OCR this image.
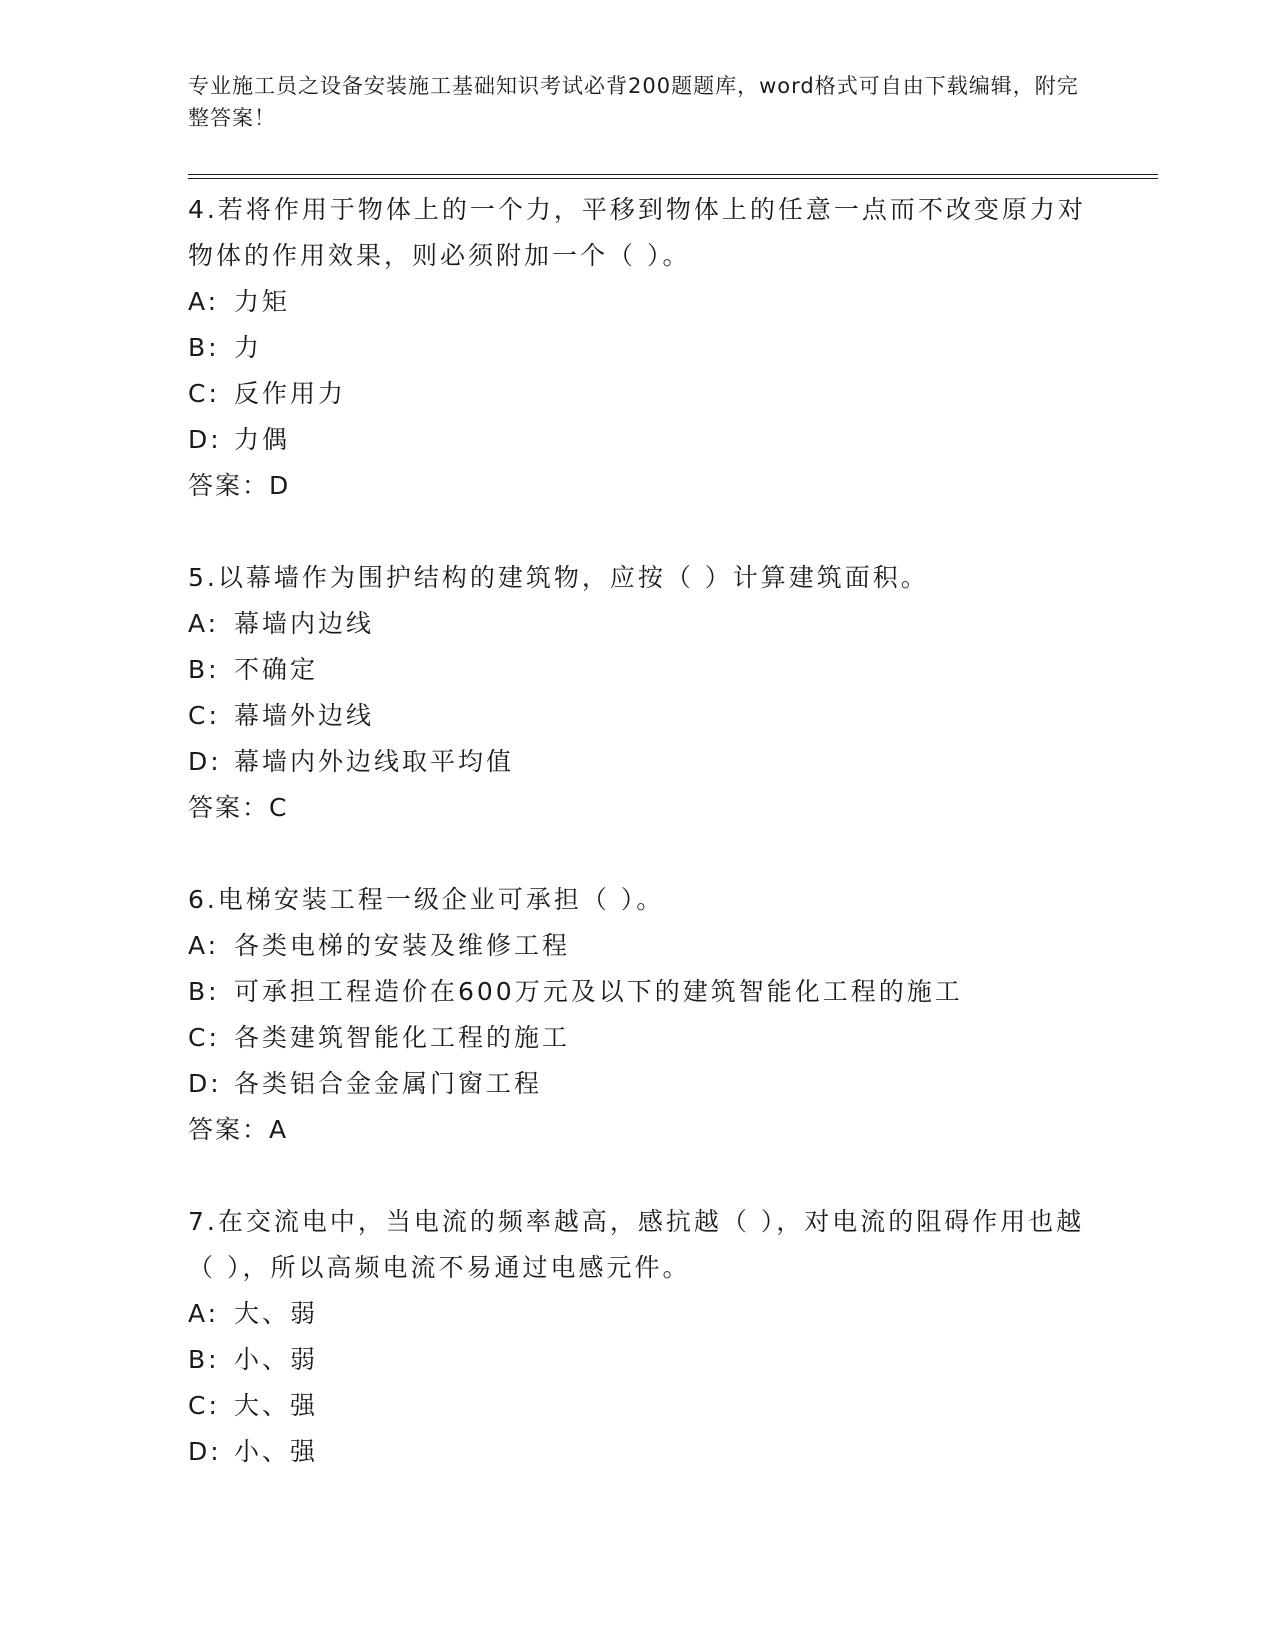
专业施工员之设备安装施工基础知识考试必背200题题库，word格式可自由下载编辑，附完整答案！
4.若将作用于物体上的一个力，平移到物体上的任意一点而不改变原力对物体的作用效果，则必须附加一个（ ）。
A: 力矩
B: 力
C: 反作用力
D: 力偶
答案：D
5.以幕墙作为围护结构的建筑物，应按（ ）计算建筑面积。
A: 幕墙内边线
B: 不确定
C: 幕墙外边线
D: 幕墙内外边线取平均值
答案：C
6.电梯安装工程一级企业可承担（ ）。
A: 各类电梯的安装及维修工程
B: 可承担工程造价在600万元及以下的建筑智能化工程的施工
C: 各类建筑智能化工程的施工
D: 各类铝合金金属门窗工程
答案：A
7.在交流电中，当电流的频率越高，感抗越（ ），对电流的阻碍作用也越（ ），所以高频电流不易通过电感元件。
A: 大、弱
B: 小、弱
C: 大、强
D: 小、强
